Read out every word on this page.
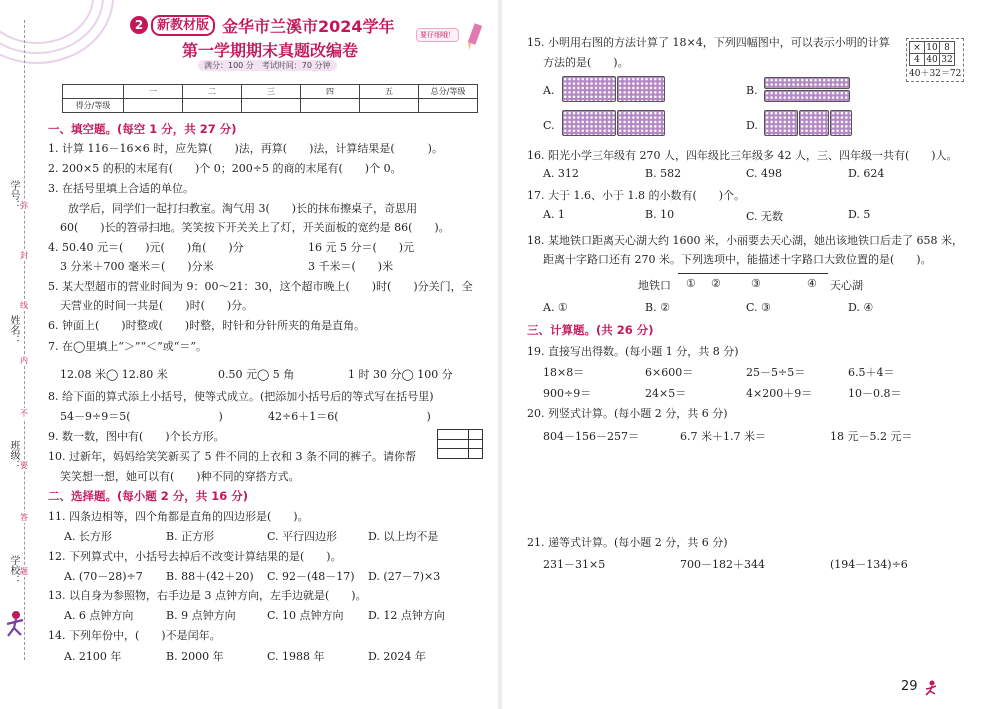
学号：
姓名：
班级：
学校：
弥
封
线
内
不
要
答
题
2	新教材版 金华市兰溪市2024学年
第一学期期末真题改编卷
满分：100 分　考试时间：70 分钟
要仔细哦！
	一	二	三	四	五	总分/等级
得分/等级						
一、填空题。(每空 1 分，共 27 分)
1. 计算 116－16×6 时，应先算(　　)法，再算(　　)法，计算结果是(　　　)。
2. 200×5 的积的末尾有(　　)个 0；200÷5 的商的末尾有(　　)个 0。
3. 在括号里填上合适的单位。
放学后，同学们一起打扫教室。淘气用 3(　　)长的抹布擦桌子，奇思用
60(　　)长的笤帚扫地。笑笑按下开关关上了灯，开关面板的宽约是 86(　　)。
4. 50.40 元＝(　　)元(　　)角(　　)分	16 元 5 分＝(　　)元
3 分米＋700 毫米＝(　　)分米	3 千米＝(　　)米
5. 某大型超市的营业时间为 9：00～21：30，这个超市晚上(　　)时(　　)分关门，全
天营业的时间一共是(　　)时(　　)分。
6. 钟面上(　　)时整或(　　)时整，时针和分针所夹的角是直角。
7. 在◯里填上“＞”“＜”或“＝”。
12.08 米◯ 12.80 米	0.50 元◯ 5 角	1 时 30 分◯ 100 分
8. 给下面的算式添上小括号，使等式成立。(把添加小括号后的等式写在括号里)
54－9÷9＝5(　　　　　　　　)	42÷6＋1＝6(　　　　　　　　)
9. 数一数，图中有(　　)个长方形。
10. 过新年，妈妈给笑笑新买了 5 件不同的上衣和 3 条不同的裤子。请你帮
笑笑想一想，她可以有(　　)种不同的穿搭方式。
二、选择题。(每小题 2 分，共 16 分)
11. 四条边相等，四个角都是直角的四边形是(　　)。
A. 长方形	B. 正方形	C. 平行四边形	D. 以上均不是
12. 下列算式中，小括号去掉后不改变计算结果的是(　　)。
A. (70－28)÷7 B. 88＋(42＋20) C. 92－(48－17) D. (27－7)×3
13. 以自身为参照物，右手边是 3 点钟方向，左手边就是(　　)。
A. 6 点钟方向	B. 9 点钟方向	C. 10 点钟方向 D. 12 点钟方向
14. 下列年份中，(　　)不是闰年。
A. 2100 年	B. 2000 年	C. 1988 年	D. 2024 年
15. 小明用右图的方法计算了 18×4，下列四幅图中，可以表示小明的计算
方法的是(　　)。
×	10	8
4	40	32
40＋32＝72
A.	B.
C.	D.
16. 阳光小学三年级有 270 人，四年级比三年级多 42 人，三、四年级一共有(　　)人。
A. 312	B. 582	C. 498	D. 624
17. 大于 1.6、小于 1.8 的小数有(　　)个。
A. 1	B. 10	C. 无数	D. 5
18. 某地铁口距离天心湖大约 1600 米，小丽要去天心湖，她出该地铁口后走了 658 米，
距离十字路口还有 270 米。下列选项中，能描述十字路口大致位置的是(　　)。
地铁口 ① ②	③	④ 天心湖
A. ①	B. ②	C. ③	D. ④
三、计算题。(共 26 分)
19. 直接写出得数。(每小题 1 分，共 8 分)
18×8＝	6×600＝	25－5÷5＝	6.5＋4＝
900÷9＝	24×5＝	4×200＋9＝	10－0.8＝
20. 列竖式计算。(每小题 2 分，共 6 分)
804－156－257＝	6.7 米＋1.7 米＝	18 元－5.2 元＝
21. 递等式计算。(每小题 2 分，共 6 分)
231－31×5	700－182＋344	(194－134)÷6
29
